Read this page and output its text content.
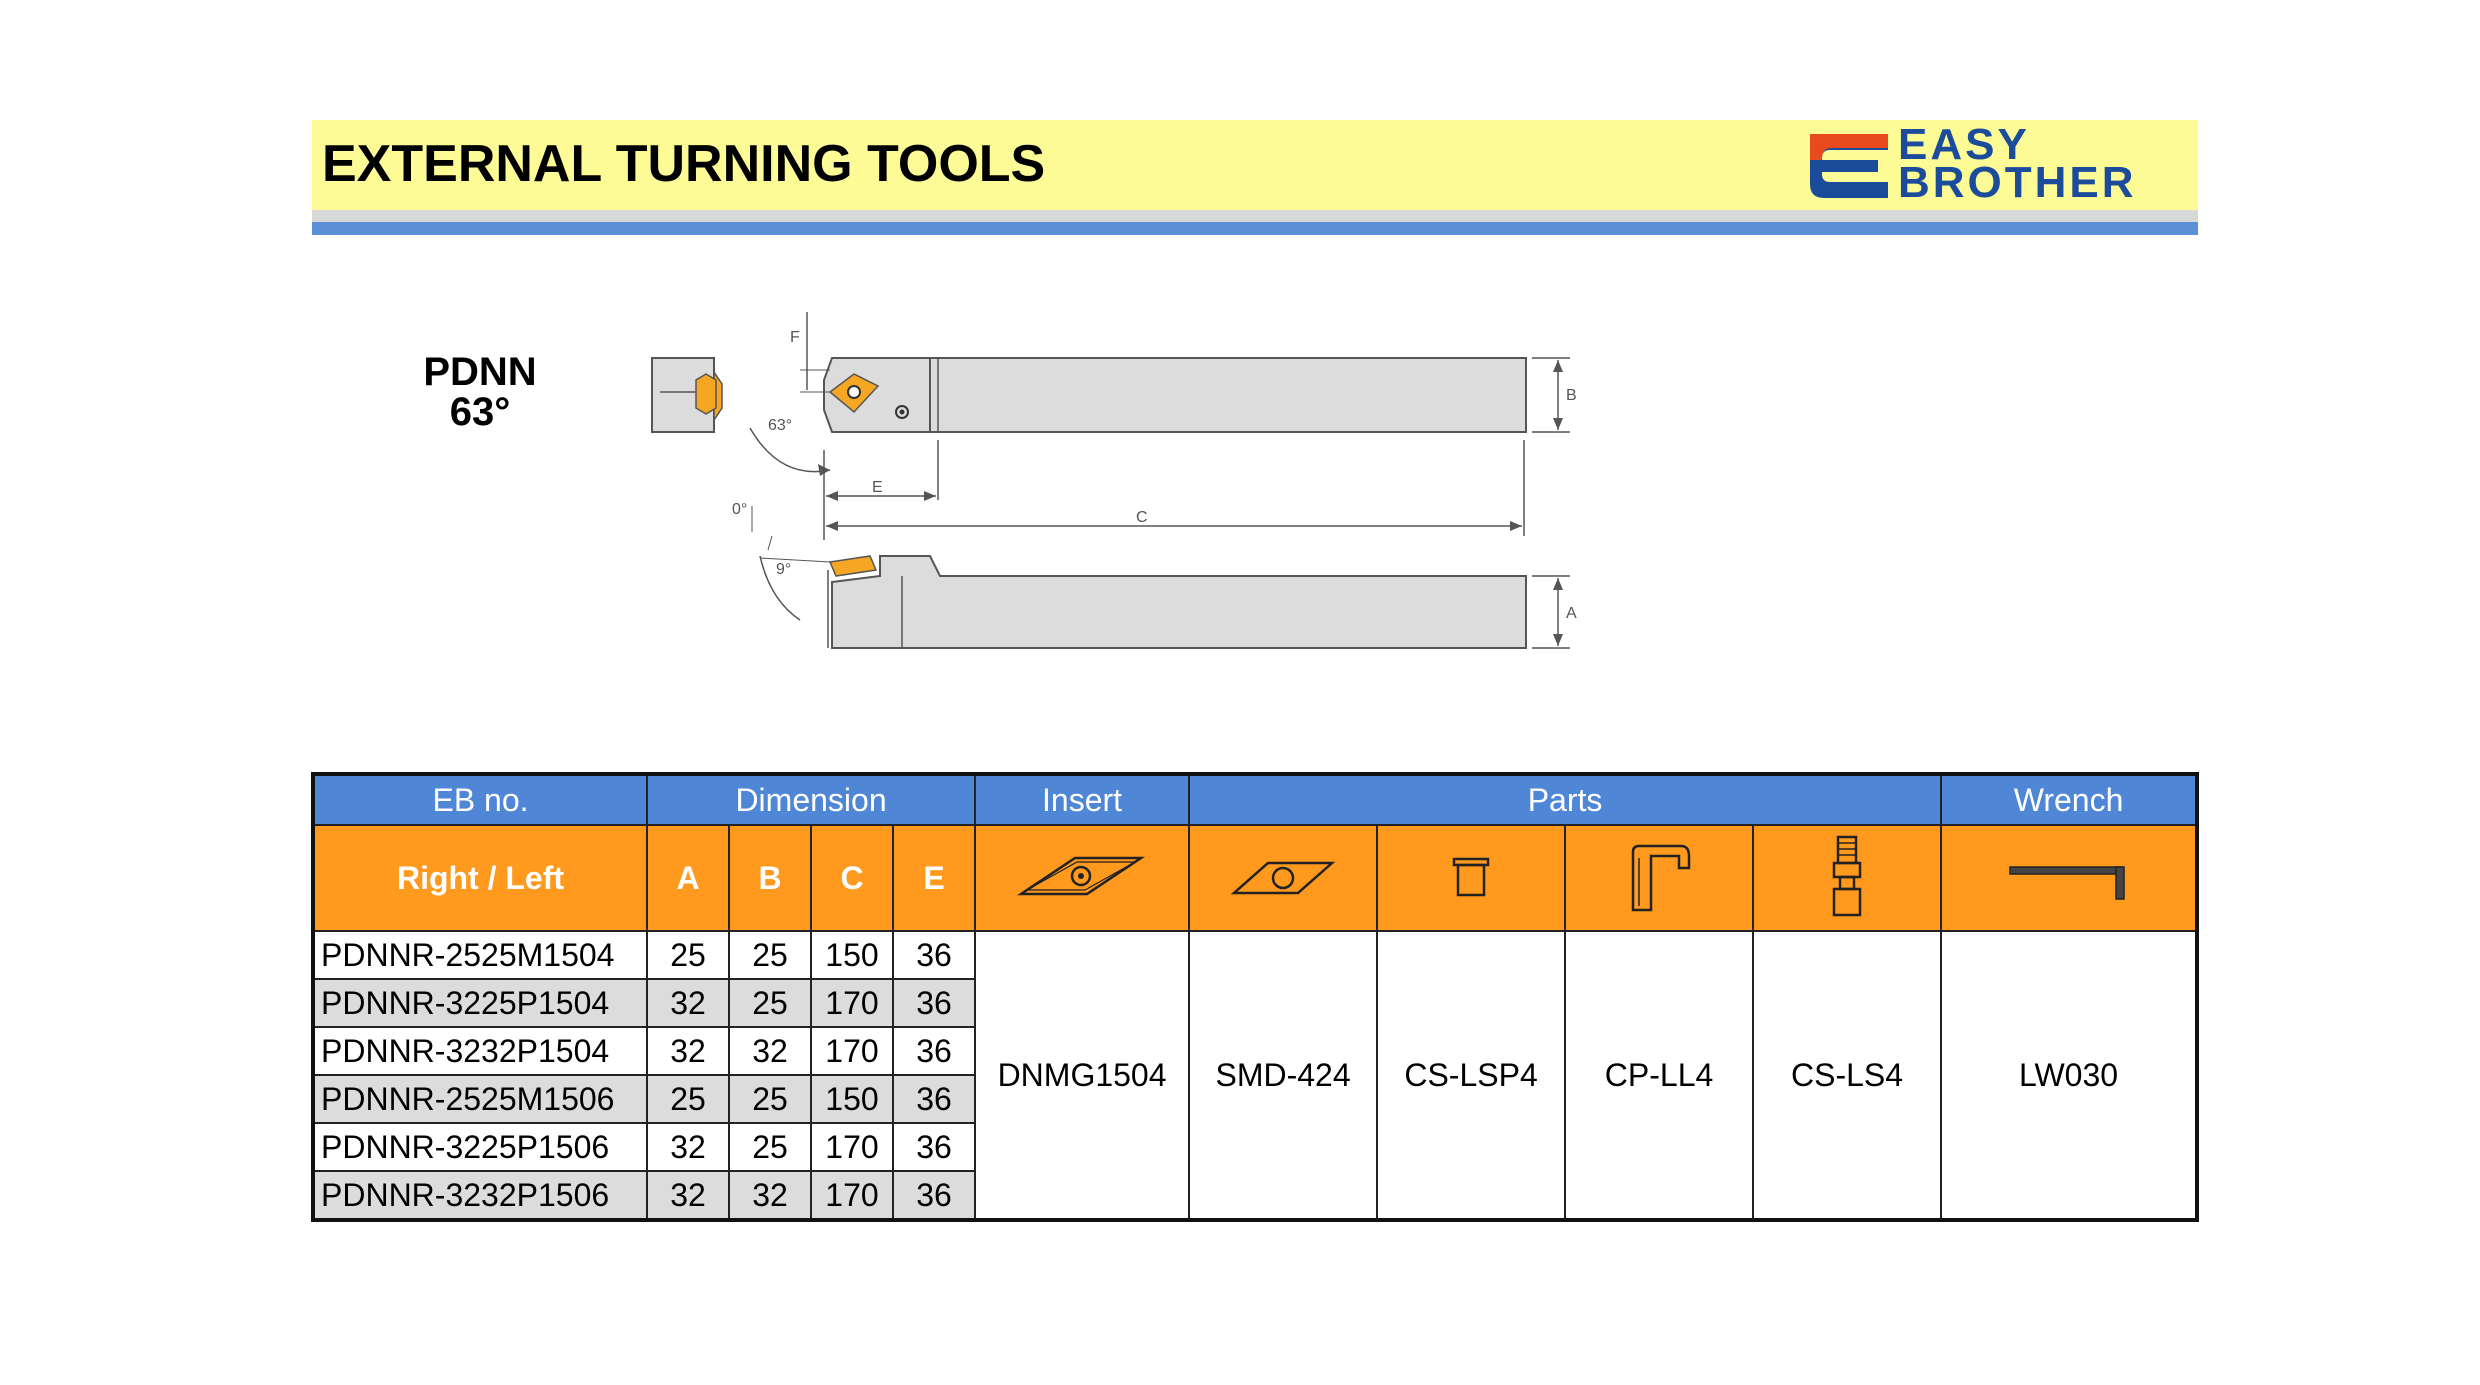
EXTERNAL TURNING TOOLS	EASY
BROTHER
PDNN
63°
F
B
63°
E
0°	C
9°
A
EB no.	Dimension				Insert	Parts				Wrench
Right / Left	A	B	C	E						
PDNNR-2525M1504	25	25	150	36	DNMG1504	SMD-424	CS-LSP4	CP-LL4	CS-LS4	LW030
PDNNR-3225P1504	32	25	170	36						
PDNNR-3232P1504	32	32	170	36						
PDNNR-2525M1506	25	25	150	36						
PDNNR-3225P1506	32	25	170	36						
PDNNR-3232P1506	32	32	170	36						
